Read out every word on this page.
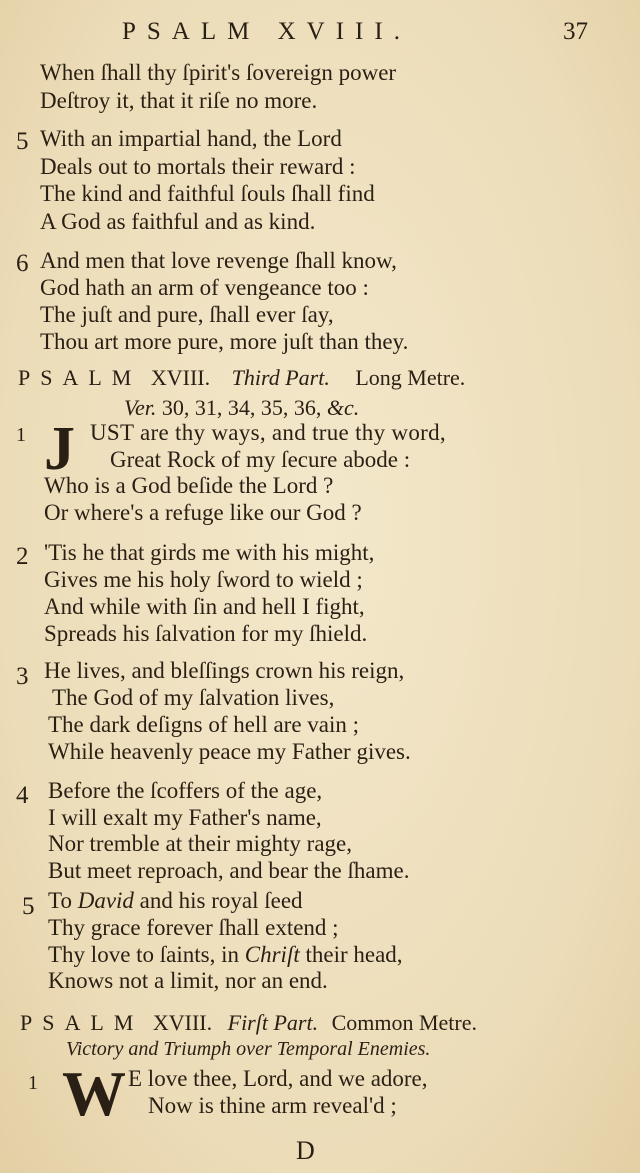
PSALM XVIII.	37
When ſhall thy ſpirit's ſovereign power
Deſtroy it, that it riſe no more.
5 With an impartial hand, the Lord
Deals out to mortals their reward :
The kind and faithful ſouls ſhall find
A God as faithful and as kind.
6 And men that love revenge ſhall know,
God hath an arm of vengeance too :
The juſt and pure, ſhall ever ſay,
Thou art more pure, more juſt than they.
PSALM XVIII. Third Part. Long Metre.
Ver. 30, 31, 34, 35, 36, &c.
1 J UST are thy ways, and true thy word,
Great Rock of my ſecure abode :
Who is a God beſide the Lord ?
Or where's a refuge like our God ?
2 'Tis he that girds me with his might,
Gives me his holy ſword to wield ;
And while with ſin and hell I fight,
Spreads his ſalvation for my ſhield.
3 He lives, and bleſſings crown his reign,
The God of my ſalvation lives,
The dark deſigns of hell are vain ;
While heavenly peace my Father gives.
4 Before the ſcoffers of the age,
I will exalt my Father's name,
Nor tremble at their mighty rage,
But meet reproach, and bear the ſhame.
5 To David and his royal ſeed
Thy grace forever ſhall extend ;
Thy love to ſaints, in Chriſt their head,
Knows not a limit, nor an end.
PSALM XVIII. Firſt Part. Common Metre.
Victory and Triumph over Temporal Enemies.
1 W E love thee, Lord, and we adore,
Now is thine arm reveal'd ;
D
